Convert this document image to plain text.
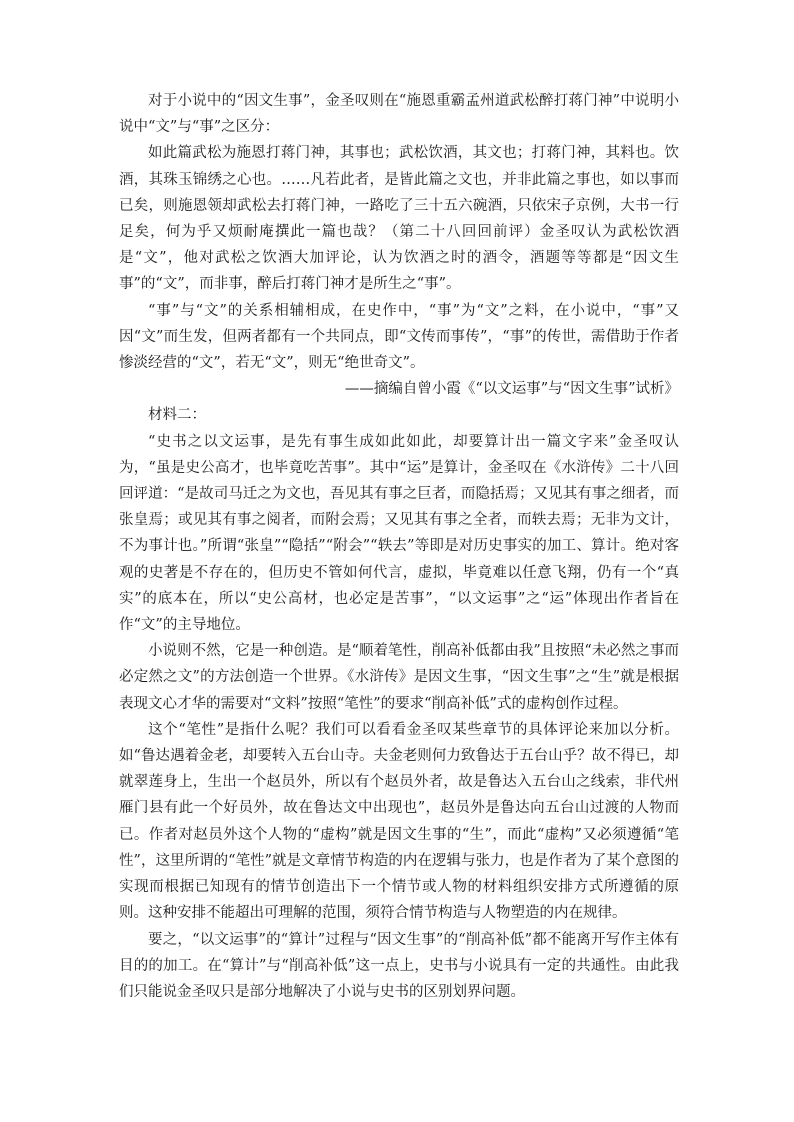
对于小说中的“因文生事”，金圣叹则在“施恩重霸孟州道武松醉打蒋门神”中说明小说中“文”与“事”之区分：

如此篇武松为施恩打蒋门神，其事也；武松饮酒，其文也；打蒋门神，其料也。饮酒，其珠玉锦绣之心也。……凡若此者，是皆此篇之文也，并非此篇之事也，如以事而已矣，则施恩领却武松去打蒋门神，一路吃了三十五六碗酒，只依宋子京例，大书一行足矣，何为乎又烦耐庵撰此一篇也哉？（第二十八回回前评）金圣叹认为武松饮酒是“文”，他对武松之饮酒大加评论，认为饮酒之时的酒令，酒题等等都是“因文生事”的“文”，而非事，醉后打蒋门神才是所生之“事”。

“事”与“文”的关系相辅相成，在史作中，“事”为“文”之料，在小说中，“事”又因“文”而生发，但两者都有一个共同点，即“文传而事传”，“事”的传世，需借助于作者惨淡经营的“文”，若无“文”，则无“绝世奇文”。

——摘编自曾小霞《“以文运事”与“因文生事”试析》

材料二：

“史书之以文运事，是先有事生成如此如此，却要算计出一篇文字来”金圣叹认为，“虽是史公高才，也毕竟吃苦事”。其中“运”是算计，金圣叹在《水浒传》二十八回回评道：“是故司马迁之为文也，吾见其有事之巨者，而隐括焉；又见其有事之细者，而张皇焉；或见其有事之阅者，而附会焉；又见其有事之全者，而轶去焉；无非为文计，不为事计也。”所谓“张皇”“隐括”“附会”“轶去”等即是对历史事实的加工、算计。绝对客观的史著是不存在的，但历史不管如何代言，虚拟，毕竟难以任意飞翔，仍有一个“真实”的底本在，所以“史公高材，也必定是苦事”，“以文运事”之“运”体现出作者旨在作“文”的主导地位。

小说则不然，它是一种创造。是“顺着笔性，削高补低都由我”且按照“未必然之事而必定然之文”的方法创造一个世界。《水浒传》是因文生事，“因文生事”之“生”就是根据表现文心才华的需要对“文料”按照“笔性”的要求“削高补低”式的虚构创作过程。

这个“笔性”是指什么呢？我们可以看看金圣叹某些章节的具体评论来加以分析。如“鲁达遇着金老，却要转入五台山寺。夫金老则何力致鲁达于五台山乎？故不得已，却就翠莲身上，生出一个赵员外，所以有个赵员外者，故是鲁达入五台山之线索，非代州雁门县有此一个好员外，故在鲁达文中出现也”，赵员外是鲁达向五台山过渡的人物而已。作者对赵员外这个人物的“虚构”就是因文生事的“生”，而此“虚构”又必须遵循“笔性”，这里所谓的“笔性”就是文章情节构造的内在逻辑与张力，也是作者为了某个意图的实现而根据已知现有的情节创造出下一个情节或人物的材料组织安排方式所遵循的原则。这种安排不能超出可理解的范围，须符合情节构造与人物塑造的内在规律。

要之，“以文运事”的“算计”过程与“因文生事”的“削高补低”都不能离开写作主体有目的的加工。在“算计”与“削高补低”这一点上，史书与小说具有一定的共通性。由此我们只能说金圣叹只是部分地解决了小说与史书的区别划界问题。
